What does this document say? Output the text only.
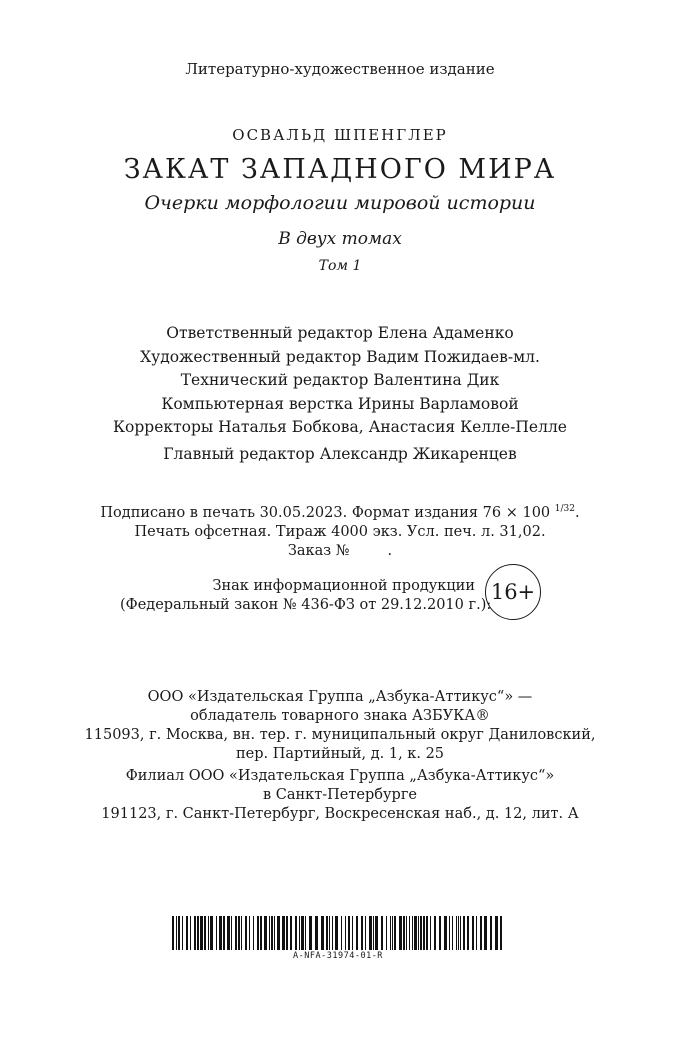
Литературно-художественное издание
ОСВАЛЬД ШПЕНГЛЕР
ЗАКАТ ЗАПАДНОГО МИРА
Очерки морфологии мировой истории
В двух томах
Том 1
Ответственный редактор Елена Адаменко
Художественный редактор Вадим Пожидаев-мл.
Технический редактор Валентина Дик
Компьютерная верстка Ирины Варламовой
Корректоры Наталья Бобкова, Анастасия Келле-Пелле
Главный редактор Александр Жикаренцев
Подписано в печать 30.05.2023. Формат издания 76 × 100 $^{1/32}$.
Печать офсетная. Тираж 4000 экз. Усл. печ. л. 31,02.
Заказ №	.
Знак информационной продукции
(Федеральный закон № 436-ФЗ от 29.12.2010 г.):
16+
ООО «Издательская Группа „Азбука-Аттикус“» —
обладатель товарного знака АЗБУКА®
115093, г. Москва, вн. тер. г. муниципальный округ Даниловский,
пер. Партийный, д. 1, к. 25
Филиал ООО «Издательская Группа „Азбука-Аттикус“»
в Санкт-Петербурге
191123, г. Санкт-Петербург, Воскресенская наб., д. 12, лит. А
A-NFA-31974-01-R
